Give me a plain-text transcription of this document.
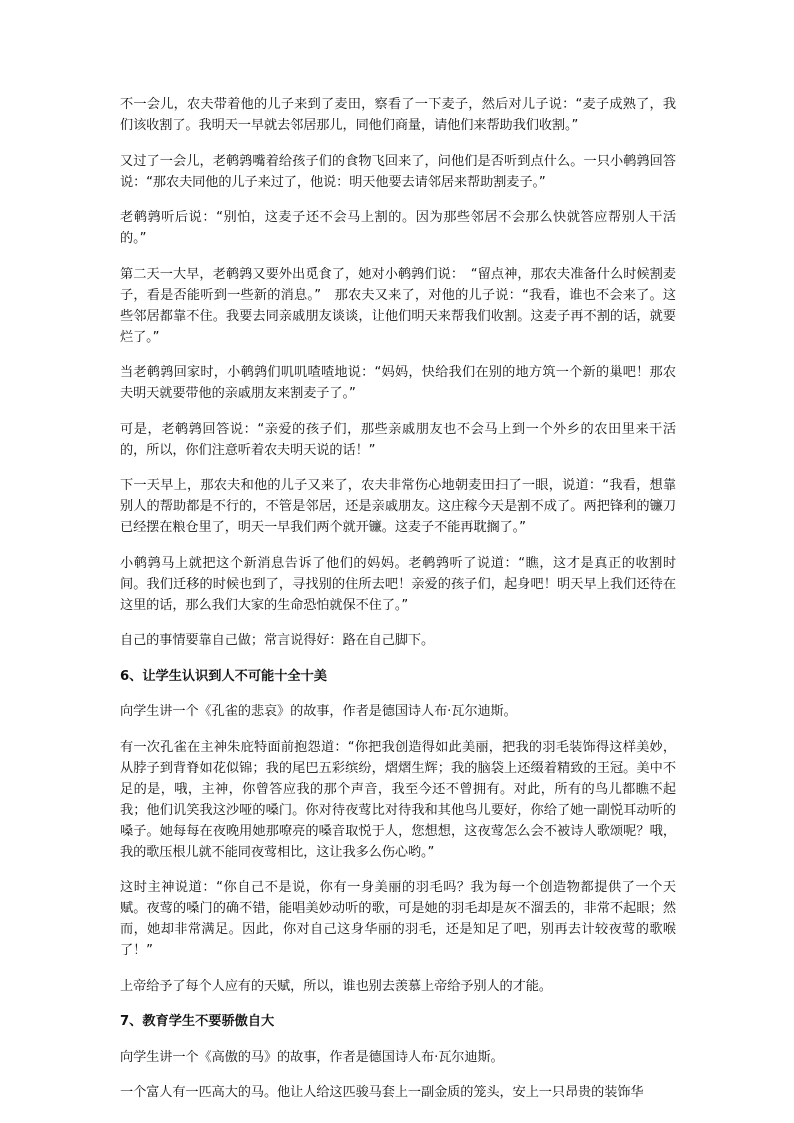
不一会儿，农夫带着他的儿子来到了麦田，察看了一下麦子，然后对儿子说：“麦子成熟了，我们该收割了。我明天一早就去邻居那儿，同他们商量，请他们来帮助我们收割。”

又过了一会儿，老鹌鹑嘴着给孩子们的食物飞回来了，问他们是否听到点什么。一只小鹌鹑回答说：“那农夫同他的儿子来过了，他说：明天他要去请邻居来帮助割麦子。”

老鹌鹑听后说：“别怕，这麦子还不会马上割的。因为那些邻居不会那么快就答应帮别人干活的。”

第二天一大早，老鹌鹑又要外出觅食了，她对小鹌鹑们说：　“留点神，那农夫准备什么时候割麦子，看是否能听到一些新的消息。”　那农夫又来了，对他的儿子说：“我看，谁也不会来了。这些邻居都靠不住。我要去同亲戚朋友谈谈，让他们明天来帮我们收割。这麦子再不割的话，就要烂了。”

当老鹌鹑回家时，小鹌鹑们叽叽喳喳地说：“妈妈，快给我们在别的地方筑一个新的巢吧！那农夫明天就要带他的亲戚朋友来割麦子了。”

可是，老鹌鹑回答说：“亲爱的孩子们，那些亲戚朋友也不会马上到一个外乡的农田里来干活的，所以，你们注意听着农夫明天说的话！”

下一天早上，那农夫和他的儿子又来了，农夫非常伤心地朝麦田扫了一眼，说道：“我看，想靠别人的帮助都是不行的，不管是邻居，还是亲戚朋友。这庄稼今天是割不成了。两把锋利的镰刀已经摆在粮仓里了，明天一早我们两个就开镰。这麦子不能再耽搁了。”

小鹌鹑马上就把这个新消息告诉了他们的妈妈。老鹌鹑听了说道：“瞧，这才是真正的收割时间。我们迁移的时候也到了，寻找别的住所去吧！亲爱的孩子们，起身吧！明天早上我们还待在这里的话，那么我们大家的生命恐怕就保不住了。”

自己的事情要靠自己做；常言说得好：路在自己脚下。

6、让学生认识到人不可能十全十美

向学生讲一个《孔雀的悲哀》的故事，作者是德国诗人布·瓦尔迪斯。

有一次孔雀在主神朱庇特面前抱怨道：“你把我创造得如此美丽，把我的羽毛装饰得这样美妙，从脖子到背脊如花似锦；我的尾巴五彩缤纷，熠熠生辉；我的脑袋上还缀着精致的王冠。美中不足的是，哦，主神，你曾答应我的那个声音，我至今还不曾拥有。对此，所有的鸟儿都瞧不起我；他们讥笑我这沙哑的嗓门。你对待夜莺比对待我和其他鸟儿要好，你给了她一副悦耳动听的嗓子。她每每在夜晚用她那嘹亮的嗓音取悦于人，您想想，这夜莺怎么会不被诗人歌颂呢？哦，我的歌压根儿就不能同夜莺相比，这让我多么伤心哟。”

这时主神说道：“你自己不是说，你有一身美丽的羽毛吗？我为每一个创造物都提供了一个天赋。夜莺的嗓门的确不错，能唱美妙动听的歌，可是她的羽毛却是灰不溜丢的，非常不起眼；然而，她却非常满足。因此，你对自己这身华丽的羽毛，还是知足了吧，别再去计较夜莺的歌喉了！”

上帝给予了每个人应有的天赋，所以，谁也别去羡慕上帝给予别人的才能。

7、教育学生不要骄傲自大

向学生讲一个《高傲的马》的故事，作者是德国诗人布·瓦尔迪斯。

一个富人有一匹高大的马。他让人给这匹骏马套上一副金质的笼头，安上一只昂贵的装饰华
